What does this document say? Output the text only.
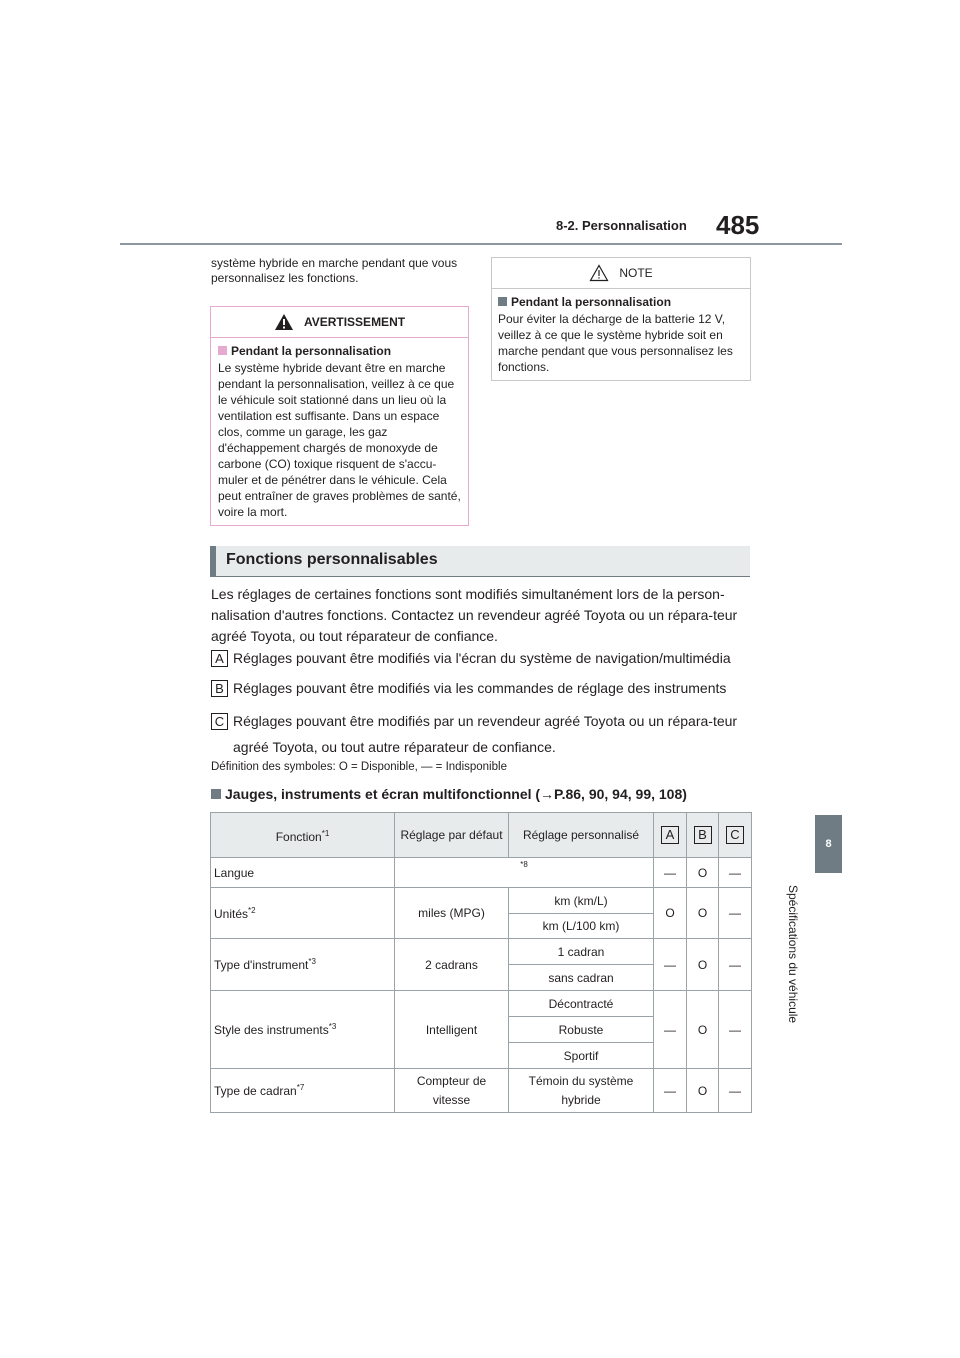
8-2. Personnalisation 485
8
Spécifications du véhicule
système hybride en marche pendant que vous personnalisez les fonctions.
AVERTISSEMENT
Pendant la personnalisation
Le système hybride devant être en marche pendant la personnalisation, veillez à ce que le véhicule soit stationné dans un lieu où la ventilation est suffisante. Dans un espace clos, comme un garage, les gaz d'échappement chargés de monoxyde de carbone (CO) toxique risquent de s'accu-muler et de pénétrer dans le véhicule. Cela peut entraîner de graves problèmes de santé, voire la mort.
NOTE
Pendant la personnalisation
Pour éviter la décharge de la batterie 12 V, veillez à ce que le système hybride soit en marche pendant que vous personnalisez les fonctions.
Fonctions personnalisables
Les réglages de certaines fonctions sont modifiés simultanément lors de la person-nalisation d'autres fonctions. Contactez un revendeur agréé Toyota ou un répara-teur agréé Toyota, ou tout réparateur de confiance.
A Réglages pouvant être modifiés via l'écran du système de navigation/multimédia
B Réglages pouvant être modifiés via les commandes de réglage des instruments
C Réglages pouvant être modifiés par un revendeur agréé Toyota ou un répara-teur agréé Toyota, ou tout autre réparateur de confiance.
Définition des symboles: O = Disponible, — = Indisponible
Jauges, instruments et écran multifonctionnel (→P.86, 90, 94, 99, 108)
Fonction$^{*1}$	Réglage par défaut	Réglage personnalisé	A	B	C
Langue	$^{*8}$		—	O	—
Unités$^{*2}$	miles (MPG)	km (km/L)	O	O	—
		km (L/100 km)			
Type d'instrument$^{*3}$	2 cadrans	1 cadran	—	O	—
		sans cadran			
Style des instruments$^{*3}$	Intelligent	Décontracté	—	O	—
		Robuste			
		Sportif			
Type de cadran$^{*7}$	Compteur de vitesse	Témoin du système hybride	—	O	—
